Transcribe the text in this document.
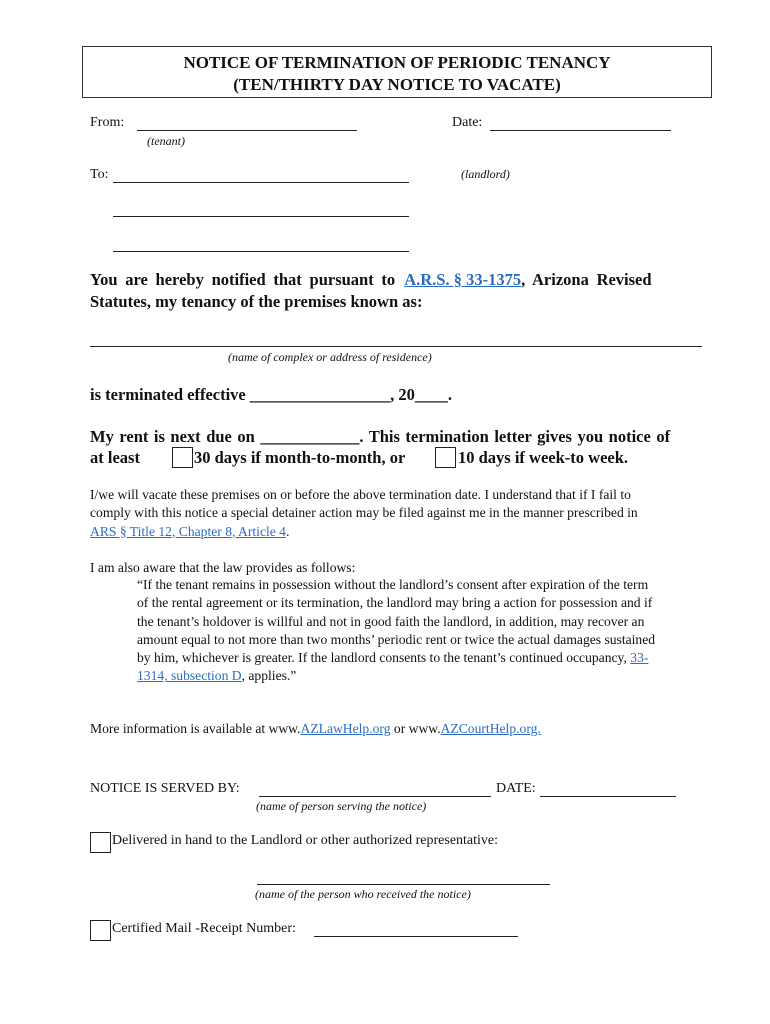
NOTICE OF TERMINATION OF PERIODIC TENANCY
(TEN/THIRTY DAY NOTICE TO VACATE)
From:
(tenant)
Date:
To:	(landlord)
You are hereby notified that pursuant to A.R.S. § 33-1375 , Arizona Revised
Statutes, my tenancy of the premises known as:
(name of complex or address of residence)
is terminated effective _________________, 20____.
My rent is next due on ____________. This termination letter gives you notice of
at least	30 days if month-to-month, or	10 days if week-to week.
I/we will vacate these premises on or before the above termination date. I understand that if I fail to
comply with this notice a special detainer action may be filed against me in the manner prescribed in
ARS § Title 12, Chapter 8, Article 4.
I am also aware that the law provides as follows:
“If the tenant remains in possession without the landlord’s consent after expiration of the term
of the rental agreement or its termination, the landlord may bring a action for possession and if
the tenant’s holdover is willful and not in good faith the landlord, in addition, may recover an
amount equal to not more than two months’ periodic rent or twice the actual damages sustained
by him, whichever is greater. If the landlord consents to the tenant’s continued occupancy, 33-
1314, subsection D, applies.”
More information is available at www.AZLawHelp.org or www.AZCourtHelp.org.
NOTICE IS SERVED BY:	DATE:
(name of person serving the notice)
Delivered in hand to the Landlord or other authorized representative:
(name of the person who received the notice)
Certified Mail -Receipt Number:
